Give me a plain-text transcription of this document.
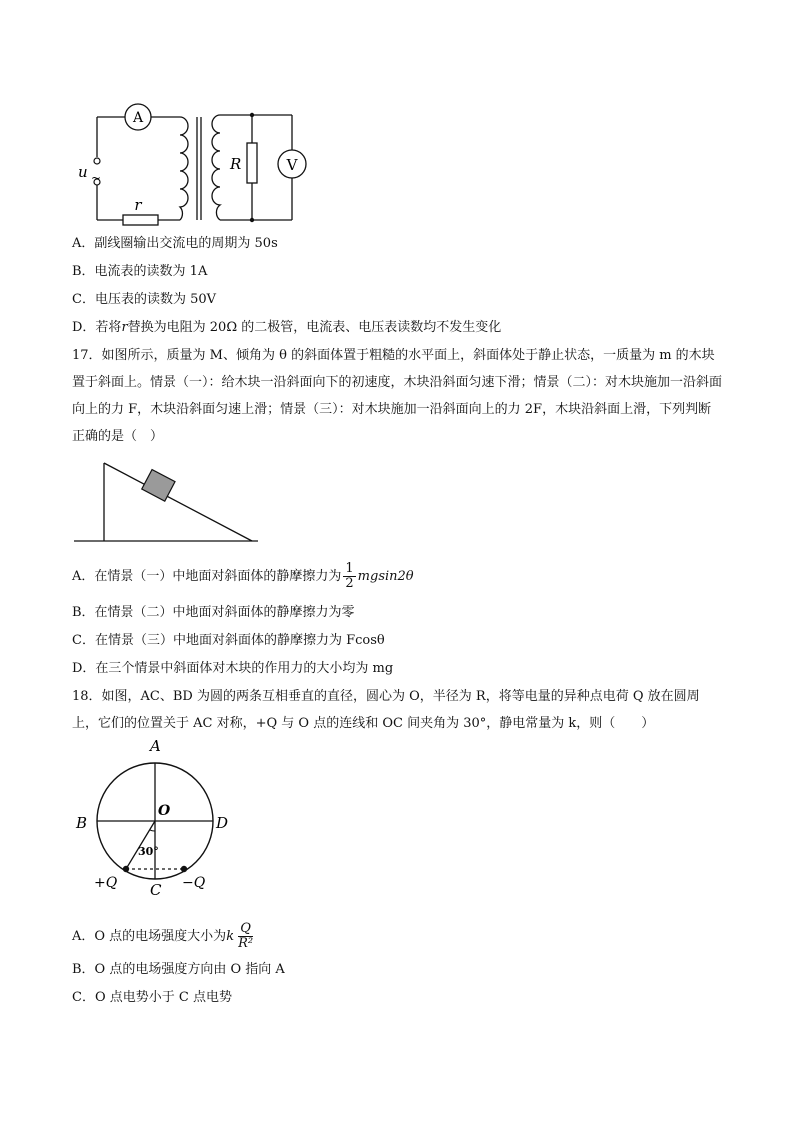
A
u ~
r
R	V
A．副线圈输出交流电的周期为 50s
B．电流表的读数为 1A
C．电压表的读数为 50V
D．若将r替换为电阻为 20Ω 的二极管，电流表、电压表读数均不发生变化
17．如图所示，质量为 M、倾角为 θ 的斜面体置于粗糙的水平面上，斜面体处于静止状态，一质量为 m 的木块置于斜面上。情景（一）：给木块一沿斜面向下的初速度，木块沿斜面匀速下滑；情景（二）：对木块施加一沿斜面向上的力 F，木块沿斜面匀速上滑；情景（三）：对木块施加一沿斜面向上的力 2F，木块沿斜面上滑，下列判断正确的是（　）
A．在情景（一）中地面对斜面体的静摩擦力为 $\frac{1}{2} mgsin2\theta$
B．在情景（二）中地面对斜面体的静摩擦力为零
C．在情景（三）中地面对斜面体的静摩擦力为 Fcosθ
D．在三个情景中斜面体对木块的作用力的大小均为 mg
18．如图，AC、BD 为圆的两条互相垂直的直径，圆心为 O，半径为 R，将等电量的异种点电荷 Q 放在圆周上，它们的位置关于 AC 对称，+Q 与 O 点的连线和 OC 间夹角为 30°，静电常量为 k，则（　　）
A
B	D
C
O
30°
+Q	−Q
A．O 点的电场强度大小为k $\frac{Q}{\text{R²}}$
B．O 点的电场强度方向由 O 指向 A
C．O 点电势小于 C 点电势
